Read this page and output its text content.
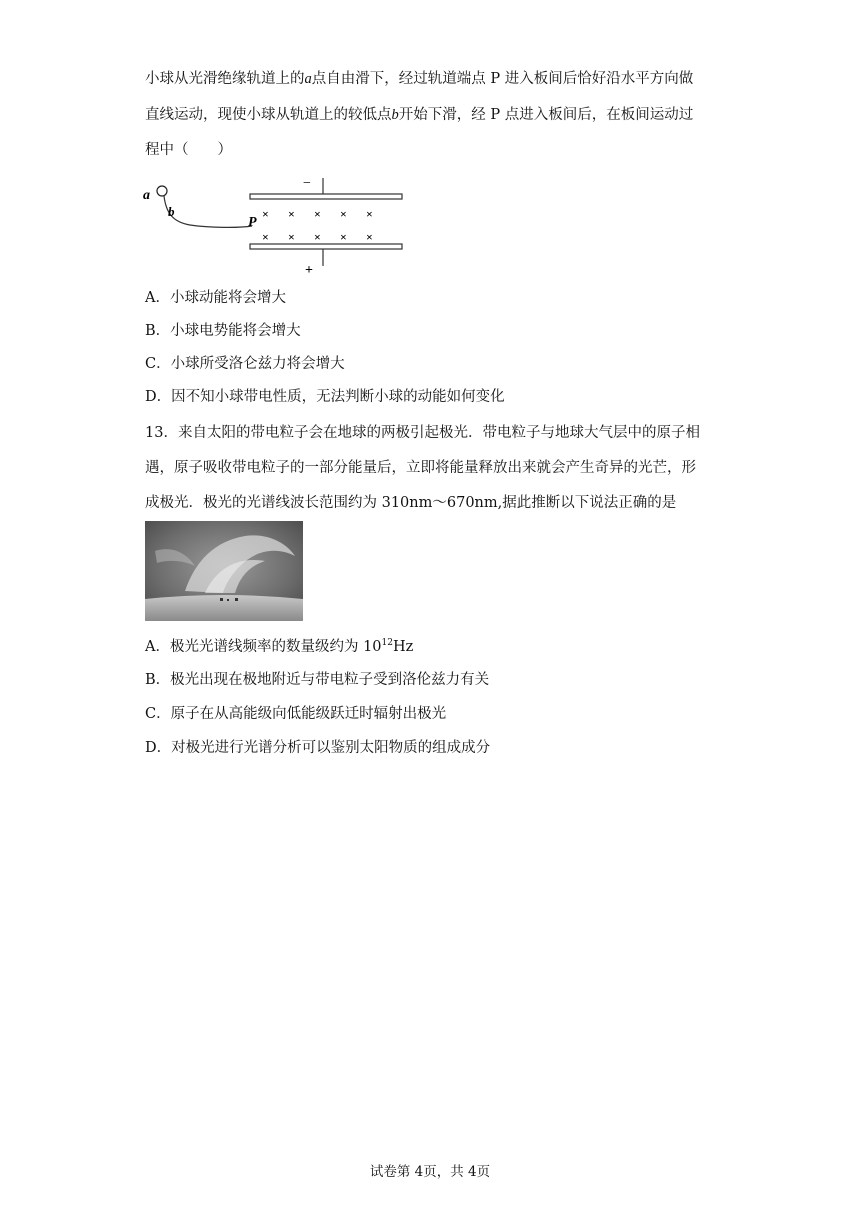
小球从光滑绝缘轨道上的a点自由滑下，经过轨道端点 P 进入板间后恰好沿水平方向做
直线运动，现使小球从轨道上的较低点b开始下滑，经 P 点进入板间后，在板间运动过
程中（　　）
a
b
P
−
+
× × × × ×
× × × × ×
A．小球动能将会增大
B．小球电势能将会增大
C．小球所受洛仑兹力将会增大
D．因不知小球带电性质，无法判断小球的动能如何变化
13．来自太阳的带电粒子会在地球的两极引起极光．带电粒子与地球大气层中的原子相
遇，原子吸收带电粒子的一部分能量后，立即将能量释放出来就会产生奇异的光芒，形
成极光．极光的光谱线波长范围约为 310nm～670nm,据此推断以下说法正确的是
A．极光光谱线频率的数量级约为 $10^{12}Hz$
B．极光出现在极地附近与带电粒子受到洛伦兹力有关
C．原子在从高能级向低能级跃迁时辐射出极光
D．对极光进行光谱分析可以鉴别太阳物质的组成成分
试卷第 4页，共 4页
